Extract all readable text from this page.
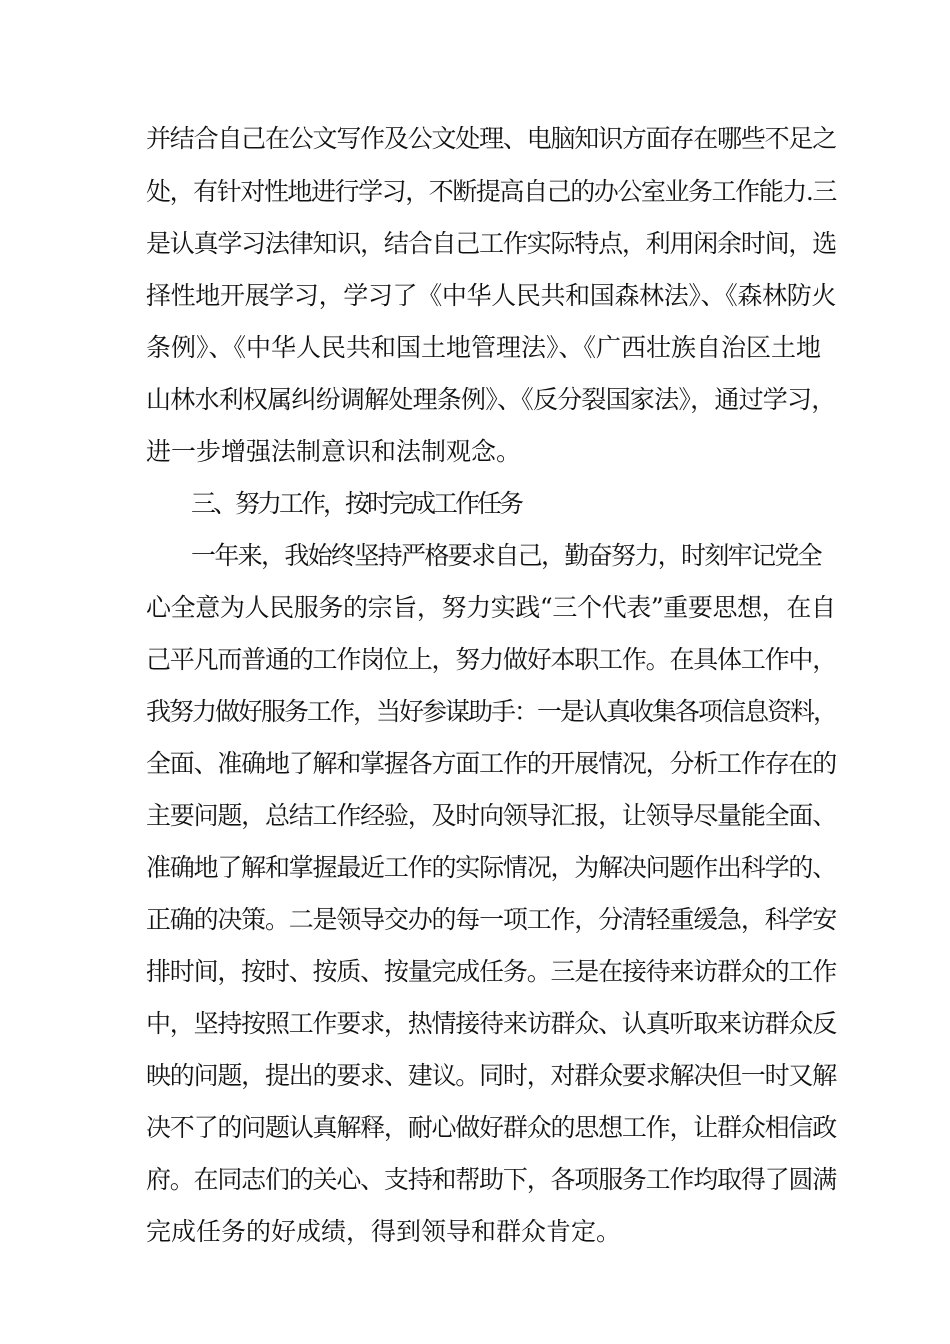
并结合自己在公文写作及公文处理、电脑知识方面存在哪些不足之
处，有针对性地进行学习，不断提高自己的办公室业务工作能力.三
是认真学习法律知识，结合自己工作实际特点，利用闲余时间，选
择性地开展学习，学习了《中华人民共和国森林法》、《森林防火
条例》、《中华人民共和国土地管理法》、《广西壮族自治区土地
山林水利权属纠纷调解处理条例》、《反分裂国家法》，通过学习，
进一步增强法制意识和法制观念。
三、努力工作，按时完成工作任务
一年来，我始终坚持严格要求自己，勤奋努力，时刻牢记党全
心全意为人民服务的宗旨，努力实践“三个代表”重要思想，在自
己平凡而普通的工作岗位上，努力做好本职工作。在具体工作中，
我努力做好服务工作，当好参谋助手：一是认真收集各项信息资料，
全面、准确地了解和掌握各方面工作的开展情况，分析工作存在的
主要问题，总结工作经验，及时向领导汇报，让领导尽量能全面、
准确地了解和掌握最近工作的实际情况，为解决问题作出科学的、
正确的决策。二是领导交办的每一项工作，分清轻重缓急，科学安
排时间，按时、按质、按量完成任务。三是在接待来访群众的工作
中，坚持按照工作要求，热情接待来访群众、认真听取来访群众反
映的问题，提出的要求、建议。同时，对群众要求解决但一时又解
决不了的问题认真解释，耐心做好群众的思想工作，让群众相信政
府。在同志们的关心、支持和帮助下，各项服务工作均取得了圆满
完成任务的好成绩，得到领导和群众肯定。
